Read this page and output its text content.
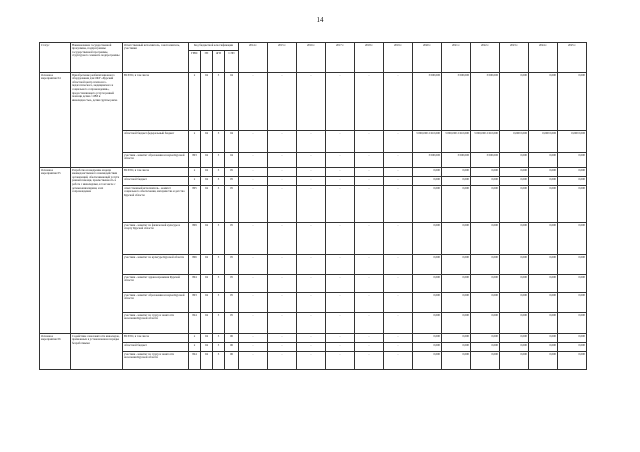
14
Статус	Наименование государственной программы, подпрограммы государственной программы, структурного элемента подпрограммы	Ответственный исполнитель, соисполнитель, участники	Код бюджетной классификации				2014 г.	2015 г.	2016 г.	2017 г.	2018 г.	2019 г.	2020 г.	2021 г.	2022 г.	2023 г.	2024 г.	2025 г.
			ГРБС	ГП	пГП	СЭП												
Основное мероприятие 04	Приобретение реабилитационного оборудования для ОКУ «Курский областной центр психолого-педагогического, медицинского и социального сопровождения», предоставляющего услуги ранней помощи детям с ОВЗ и инвалидностью, детям группы риска	ВСЕГО, в том числе	x	04	3	04	-	-	-	-	-	-	3 000,000	3 000,000	3 000,000	0,000	0,000	0,000
		областной бюджет федеральный бюджет	x	04	3	04	-	-	-	-	-	-	3 000,000 2 610,000	3 000,000 2 610,000	3 000,000 2 610,000	0,000 0,000	0,000 0,000	0,000 0,000
		участник - комитет образования и науки Курской области	803	04	3	04	-	-	-	-	-	-	3 000,000	3 000,000	3 000,000	0,000	0,000	0,000
Основное мероприятие 05	Разработка и внедрение модели межведомственного взаимодействия организаций, обеспечивающей услуги ранней помощи, преемственность в работе с инвалидами, в том числе с детьми-инвалидами, и их сопровождение	ВСЕГО, в том числе	x	04	3	05	-	-	-	-	-	-	0,000	0,000	0,000	0,000	0,000	0,000
		областной бюджет	x	04	3	05	-	-	-	-	-	-	0,000	0,000	0,000	0,000	0,000	0,000
		ответственный исполнитель - комитет социального обеспечения, материнства и детства Курской области	805	04	3	05	-	-	-	-	-	-	0,000	0,000	0,000	0,000	0,000	0,000
		участник - комитет по физической культуре и спорту Курской области	809	04	3	05	-	-	-	-	-	-	0,000	0,000	0,000	0,000	0,000	0,000
		участник - комитет по культуре Курской области	806	04	3	05	-	-	-	-	-	-	0,000	0,000	0,000	0,000	0,000	0,000
		участник - комитет здравоохранения Курской области	804	04	3	05	-	-	-	-	-	-	0,000	0,000	0,000	0,000	0,000	0,000
		участник - комитет образования и науки Курской области	803	04	3	05	-	-	-	-	-	-	0,000	0,000	0,000	0,000	0,000	0,000
		участник - комитет по труду и занятости населения Курской области	824	04	3	05	-	-	-	-	-	-	0,000	0,000	0,000	0,000	0,000	0,000
Основное мероприятие 06	Содействие самозанятости инвалидов, признанных в установленном порядке безработными	ВСЕГО, в том числе	x	04	3	06	-	-	-	-	-	-	0,000	0,000	0,000	0,000	0,000	0,000
		областной бюджет	x	04	3	06	-	-	-	-	-	-	0,000	0,000	0,000	0,000	0,000	0,000
		участник - комитет по труду и занятости населения Курской области	824	04	3	06	-	-	-	-	-	-	0,000	0,000	0,000	0,000	0,000	0,000
